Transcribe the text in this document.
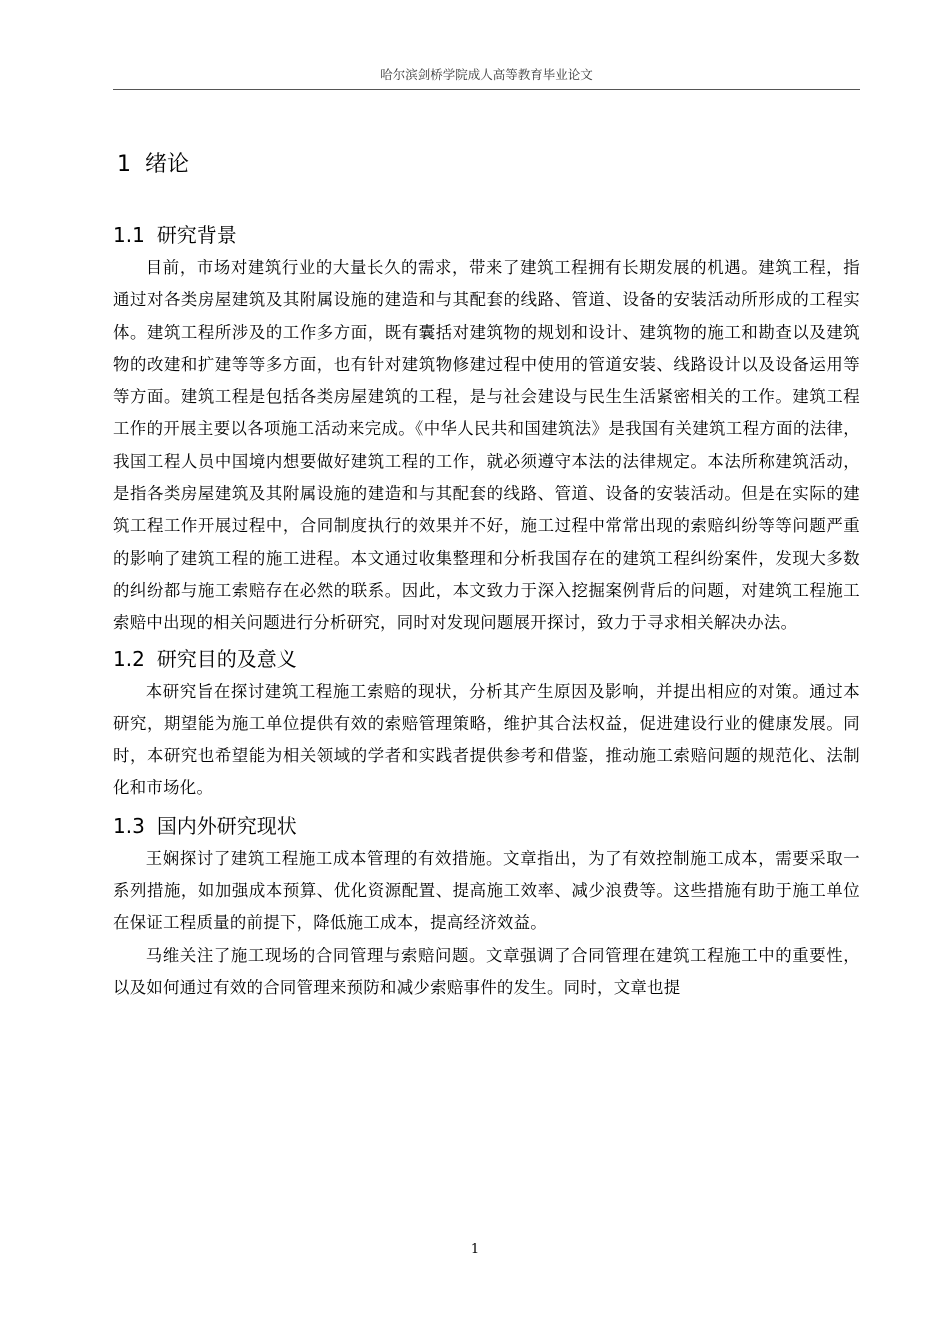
哈尔滨剑桥学院成人高等教育毕业论文
1 绪论
1.1 研究背景

目前，市场对建筑行业的大量长久的需求，带来了建筑工程拥有长期发展的机遇。建筑工程，指通过对各类房屋建筑及其附属设施的建造和与其配套的线路、管道、设备的安装活动所形成的工程实体。建筑工程所涉及的工作多方面，既有囊括对建筑物的规划和设计、建筑物的施工和勘查以及建筑物的改建和扩建等等多方面，也有针对建筑物修建过程中使用的管道安装、线路设计以及设备运用等等方面。建筑工程是包括各类房屋建筑的工程，是与社会建设与民生生活紧密相关的工作。建筑工程工作的开展主要以各项施工活动来完成。《中华人民共和国建筑法》是我国有关建筑工程方面的法律，我国工程人员中国境内想要做好建筑工程的工作，就必须遵守本法的法律规定。本法所称建筑活动，是指各类房屋建筑及其附属设施的建造和与其配套的线路、管道、设备的安装活动。但是在实际的建筑工程工作开展过程中，合同制度执行的效果并不好，施工过程中常常出现的索赔纠纷等等问题严重的影响了建筑工程的施工进程。本文通过收集整理和分析我国存在的建筑工程纠纷案件，发现大多数的纠纷都与施工索赔存在必然的联系。因此，本文致力于深入挖掘案例背后的问题，对建筑工程施工索赔中出现的相关问题进行分析研究，同时对发现问题展开探讨，致力于寻求相关解决办法。

1.2 研究目的及意义

本研究旨在探讨建筑工程施工索赔的现状，分析其产生原因及影响，并提出相应的对策。通过本研究，期望能为施工单位提供有效的索赔管理策略，维护其合法权益，促进建设行业的健康发展。同时，本研究也希望能为相关领域的学者和实践者提供参考和借鉴，推动施工索赔问题的规范化、法制化和市场化。

1.3 国内外研究现状

王娴探讨了建筑工程施工成本管理的有效措施。文章指出，为了有效控制施工成本，需要采取一系列措施，如加强成本预算、优化资源配置、提高施工效率、减少浪费等。这些措施有助于施工单位在保证工程质量的前提下，降低施工成本，提高经济效益。

马维关注了施工现场的合同管理与索赔问题。文章强调了合同管理在建筑工程施工中的重要性，以及如何通过有效的合同管理来预防和减少索赔事件的发生。同时，文章也提

1
